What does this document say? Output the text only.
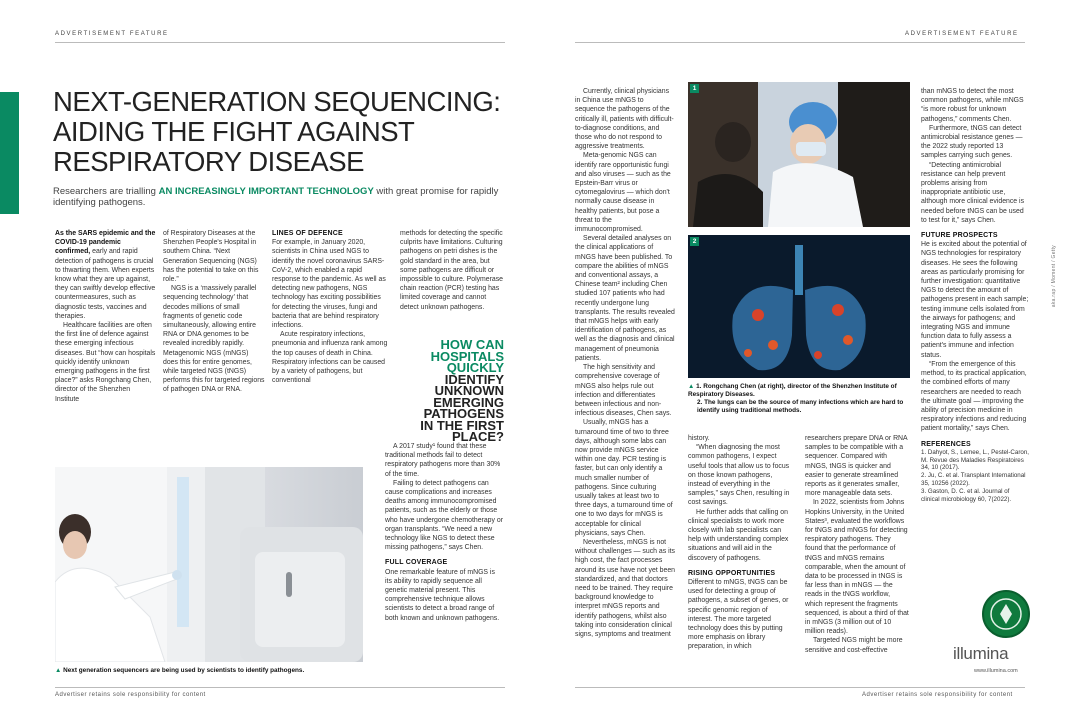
ADVERTISEMENT FEATURE	ADVERTISEMENT FEATURE
Advertiser retains sole responsibility for content	Advertiser retains sole responsibility for content
NEXT-GENERATION SEQUENCING:
AIDING THE FIGHT AGAINST
RESPIRATORY DISEASE
Researchers are trialling AN INCREASINGLY IMPORTANT TECHNOLOGY with great promise for rapidly identifying pathogens.

As the SARS epidemic and the COVID-19 pandemic confirmed, early and rapid detection of pathogens is crucial to thwarting them. When experts know what they are up against, they can swiftly develop effective countermeasures, such as diagnostic tests, vaccines and therapies.

Healthcare facilities are often the first line of defence against these emerging infectious diseases. But “how can hospitals quickly identify unknown emerging pathogens in the first place?” asks Rongchang Chen, director of the Shenzhen Institute

of Respiratory Diseases at the Shenzhen People's Hospital in southern China. “Next Generation Sequencing (NGS) has the potential to take on this role.”

NGS is a ‘massively parallel sequencing technology’ that decodes millions of small fragments of genetic code simultaneously, allowing entire RNA or DNA genomes to be revealed incredibly rapidly. Metagenomic NGS (mNGS) does this for entire genomes, while targeted NGS (tNGS) performs this for targeted regions of pathogen DNA or RNA.

LINES OF DEFENCE

For example, in January 2020, scientists in China used NGS to identify the novel coronavirus SARS-CoV-2, which enabled a rapid response to the pandemic. As well as detecting new pathogens, NGS technology has exciting possibilities for detecting the viruses, fungi and bacteria that are behind respiratory infections.

Acute respiratory infections, pneumonia and influenza rank among the top causes of death in China. Respiratory infections can be caused by a variety of pathogens, but conventional

methods for detecting the specific culprits have limitations. Culturing pathogens on petri dishes is the gold standard in the area, but some pathogens are difficult or impossible to culture. Polymerase chain reaction (PCR) testing has limited coverage and cannot detect unknown pathogens.

HOW CAN
HOSPITALS
QUICKLY
IDENTIFY
UNKNOWN
EMERGING
PATHOGENS
IN THE FIRST
PLACE?

A 2017 study¹ found that these traditional methods fail to detect respiratory pathogens more than 30% of the time.

Failing to detect pathogens can cause complications and increases deaths among immunocompromised patients, such as the elderly or those who have undergone chemotherapy or organ transplants. “We need a new technology like NGS to detect these missing pathogens,” says Chen.

FULL COVERAGE

One remarkable feature of mNGS is its ability to rapidly sequence all genetic material present. This comprehensive technique allows scientists to detect a broad range of both known and unknown pathogens.

▲ Next generation sequencers are being used by scientists to identify pathogens.

Currently, clinical physicians in China use mNGS to sequence the pathogens of the critically ill, patients with difficult-to-diagnose conditions, and those who do not respond to aggressive treatments.

Meta-genomic NGS can identify rare opportunistic fungi and also viruses — such as the Epstein-Barr virus or cytomegalovirus — which don't normally cause disease in healthy patients, but pose a threat to the immunocompromised.

Several detailed analyses on the clinical applications of mNGS have been published. To compare the abilities of mNGS and conventional assays, a Chinese team² including Chen studied 107 patients who had recently undergone lung transplants. The results revealed that mNGS helps with early identification of pathogens, as well as the diagnosis and clinical management of pneumonia patients.

The high sensitivity and comprehensive coverage of mNGS also helps rule out infection and differentiates between infectious and non-infectious diseases, Chen says.

Usually, mNGS has a turnaround time of two to three days, although some labs can now provide mNGS service within one day. PCR testing is faster, but can only identify a much smaller number of pathogens. Since culturing usually takes at least two to three days, a turnaround time of one to two days for mNGS is acceptable for clinical physicians, says Chen.

Nevertheless, mNGS is not without challenges — such as its high cost, the fact processes around its use have not yet been standardized, and that doctors need to be trained. They require background knowledge to interpret mNGS reports and identify pathogens, whilst also taking into consideration clinical signs, symptoms and treatment

1
2
▲ 1. Rongchang Chen (at right), director of the Shenzhen Institute of Respiratory Diseases.
2. The lungs can be the source of many infections which are hard to identify using traditional methods.

history.

“When diagnosing the most common pathogens, I expect useful tools that allow us to focus on those known pathogens, instead of everything in the samples,” says Chen, resulting in cost savings.

He further adds that calling on clinical specialists to work more closely with lab specialists can help with understanding complex situations and will aid in the discovery of pathogens.

RISING OPPORTUNITIES

Different to mNGS, tNGS can be used for detecting a group of pathogens, a subset of genes, or specific genomic region of interest. The more targeted technology does this by putting more emphasis on library preparation, in which

researchers prepare DNA or RNA samples to be compatible with a sequencer. Compared with mNGS, tNGS is quicker and easier to generate streamlined reports as it generates smaller, more manageable data sets.

In 2022, scientists from Johns Hopkins University, in the United States³, evaluated the workflows for tNGS and mNGS for detecting respiratory pathogens. They found that the performance of tNGS and mNGS remains comparable, when the amount of data to be processed in tNGS is far less than in mNGS — the reads in the tNGS workflow, which represent the fragments sequenced, is about a third of that in mNGS (3 million out of 10 million reads).

Targeted NGS might be more sensitive and cost-effective

than mNGS to detect the most common pathogens, while mNGS “is more robust for unknown pathogens,” comments Chen.

Furthermore, tNGS can detect antimicrobial resistance genes — the 2022 study reported 13 samples carrying such genes.

“Detecting antimicrobial resistance can help prevent problems arising from inappropriate antibiotic use, although more clinical evidence is needed before tNGS can be used to test for it,” says Chen.

FUTURE PROSPECTS

He is excited about the potential of NGS technologies for respiratory diseases. He sees the following areas as particularly promising for further investigation: quantitative NGS to detect the amount of pathogens present in each sample; testing immune cells isolated from the airways for pathogens; and integrating NGS and immune function data to fully assess a patient's immune and infection status.

“From the emergence of this method, to its practical application, the combined efforts of many researchers are needed to reach the ultimate goal — improving the ability of precision medicine in respiratory infections and reducing patient mortality,” says Chen.

REFERENCES
1. Dahyot, S., Lemee, L., Pestel-Caron, M. Revue des Maladies Respiratoires 34, 10 (2017).
2. Ju, C. et al. Transplant International 35, 10256 (2022).
3. Gaston, D. C. et al. Journal of clinical microbiology 60, 7(2022).
aka.rap / Moment / Getty
illumina
www.illumina.com
